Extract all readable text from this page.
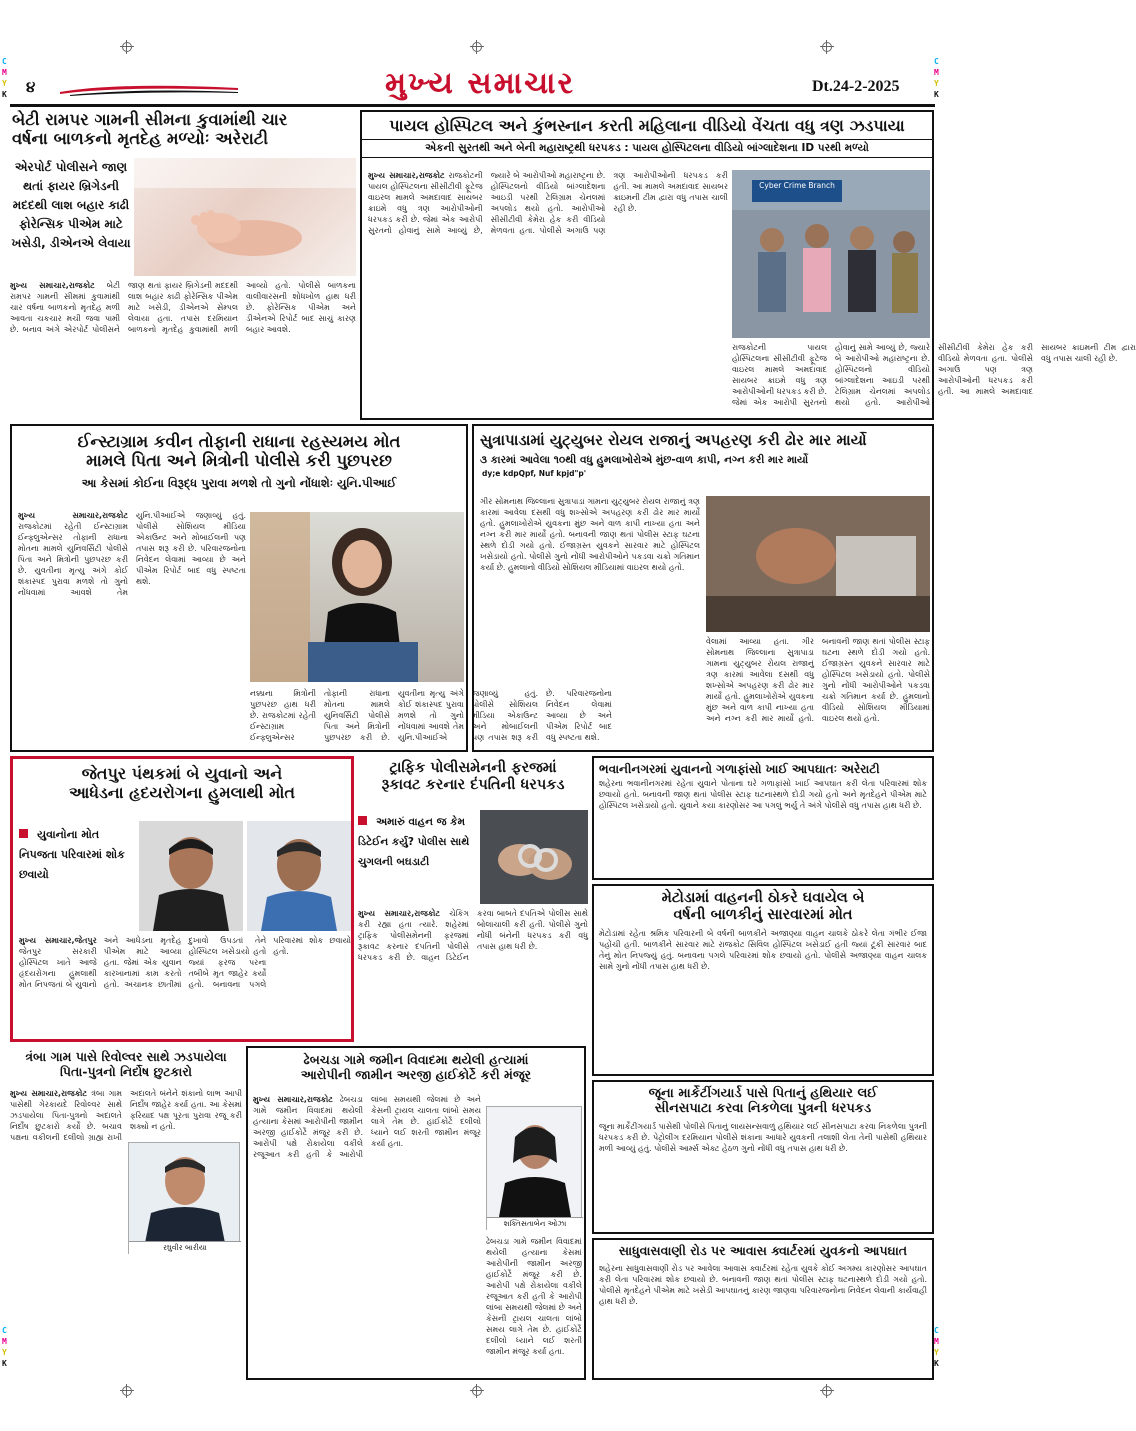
C
M
Y
K
C
M
Y
K
C
M
Y
K
C
M
Y
K
૪	મુખ્ય સમાચાર	Dt.24-2-2025
બેટી રામપર ગામની સીમના કુવામાંથી ચાર
વર્ષના બાળકનો મૃતદેહ મળ્યોઃ અરેરાટી
એરપોર્ટ પોલીસને જાણ થતાં ફાયર બ્રિગેડની મદદથી લાશ બહાર કાઢી ફોરેન્સિક પીએમ માટે ખસેડી, ડીએનએ લેવાયા
મુખ્ય સમાચાર,રાજકોટ બેટી રામપર ગામની સીમમાં કુવામાંથી ચાર વર્ષના બાળકનો મૃતદેહ મળી આવતા ચકચાર મચી જવા પામી છે. બનાવ અંગે એરપોર્ટ પોલીસને જાણ થતાં ફાયર બ્રિગેડની મદદથી લાશ બહાર કાઢી ફોરેન્સિક પીએમ માટે ખસેડી, ડીએનએ સેમ્પલ લેવાયા હતા. તપાસ દરમિયાન બાળકનો મૃતદેહ કુવામાંથી મળી આવ્યો હતો. પોલીસે બાળકના વાલીવારસની શોધખોળ હાથ ધરી છે. ફોરેન્સિક પીએમ અને ડીએનએ રિપોર્ટ બાદ સાચું કારણ બહાર આવશે.
પાયલ હોસ્પિટલ અને કુંભસ્નાન કરતી મહિલાના વીડિયો વેંચતા વધુ ત્રણ ઝડપાયા
એકની સુરતથી અને બેની મહારાષ્ટ્રથી ધરપકડ : પાયલ હોસ્પિટલના વીડિયો બાંગ્લાદેશના ID પરથી મળ્યો
મુખ્ય સમાચાર,રાજકોટ રાજકોટની પાયલ હોસ્પિટલના સીસીટીવી ફૂટેજ વાઇરલ મામલે અમદાવાદ સાયબર ક્રાઇમે વધુ ત્રણ આરોપીઓની ધરપકડ કરી છે. જેમાં એક આરોપી સુરતનો હોવાનું સામે આવ્યું છે, જ્યારે બે આરોપીઓ મહારાષ્ટ્રના છે. હોસ્પિટલનો વીડિયો બાંગ્લાદેશના આઇડી પરથી ટેલિગ્રામ ચેનલમાં અપલોડ થયો હતો. આરોપીઓ સીસીટીવી કેમેરા હેક કરી વીડિયો મેળવતા હતા. પોલીસે અગાઉ પણ ત્રણ આરોપીઓની ધરપકડ કરી હતી. આ મામલે અમદાવાદ સાયબર ક્રાઇમની ટીમ દ્વારા વધુ તપાસ ચાલી રહી છે.
Cyber Crime Branch
રાજકોટની પાયલ હોસ્પિટલના સીસીટીવી ફૂટેજ વાઇરલ મામલે અમદાવાદ સાયબર ક્રાઇમે વધુ ત્રણ આરોપીઓની ધરપકડ કરી છે. જેમાં એક આરોપી સુરતનો હોવાનું સામે આવ્યું છે, જ્યારે બે આરોપીઓ મહારાષ્ટ્રના છે. હોસ્પિટલનો વીડિયો બાંગ્લાદેશના આઇડી પરથી ટેલિગ્રામ ચેનલમાં અપલોડ થયો હતો. આરોપીઓ સીસીટીવી કેમેરા હેક કરી વીડિયો મેળવતા હતા. પોલીસે અગાઉ પણ ત્રણ આરોપીઓની ધરપકડ કરી હતી. આ મામલે અમદાવાદ સાયબર ક્રાઇમની ટીમ દ્વારા વધુ તપાસ ચાલી રહી છે.
ઈન્સ્ટાગ્રામ કવીન તોફાની રાધાના રહસ્યમય મોત
મામલે પિતા અને મિત્રોની પોલીસે કરી પુછપરછ
આ કેસમાં કોઈના વિરૂદ્ધ પુરાવા મળશે તો ગુનો નોંધાશેઃ યુનિ.પીઆઈ
મુખ્ય સમાચાર,રાજકોટ રાજકોટમાં રહેતી ઈન્સ્ટાગ્રામ ઈન્ફ્લુએન્સર તોફાની રાધાના મોતના મામલે યુનિવર્સિટી પોલીસે પિતા અને મિત્રોની પુછપરછ કરી છે. યુવતીના મૃત્યુ અંગે કોઈ શંકાસ્પદ પુરાવા મળશે તો ગુનો નોંધવામાં આવશે તેમ યુનિ.પીઆઈએ જણાવ્યું હતું. પોલીસે સોશિયલ મીડિયા એકાઉન્ટ અને મોબાઈલની પણ તપાસ શરૂ કરી છે. પરિવારજનોના નિવેદન લેવામાં આવ્યા છે અને પીએમ રિપોર્ટ બાદ વધુ સ્પષ્ટતા થશે.
નક્કાના મિત્રોની પુછપરછ હાથ ધરી છે. રાજકોટમાં રહેતી ઈન્સ્ટાગ્રામ ઈન્ફ્લુએન્સર તોફાની રાધાના મોતના મામલે યુનિવર્સિટી પોલીસે પિતા અને મિત્રોની પુછપરછ કરી છે. યુવતીના મૃત્યુ અંગે કોઈ શંકાસ્પદ પુરાવા મળશે તો ગુનો નોંધવામાં આવશે તેમ યુનિ.પીઆઈએ જણાવ્યું હતું. પોલીસે સોશિયલ મીડિયા એકાઉન્ટ અને મોબાઈલની પણ તપાસ શરૂ કરી છે. પરિવારજનોના નિવેદન લેવામાં આવ્યા છે અને પીએમ રિપોર્ટ બાદ વધુ સ્પષ્ટતા થશે.
સુત્રાપાડામાં યુટ્યુબર રોયલ રાજાનું અપહરણ કરી ઢોર માર માર્યો
૩ કારમાં આવેલા ૧૦થી વધુ હુમલાખોરોએ મુંછ-વાળ કાપી, નગ્ન કરી માર માર્યો
dy;e kdpQpf, Nuf kpjd"p'
ગીર સોમનાથ જિલ્લાના સુત્રાપાડા ગામના યુટ્યુબર રોયલ રાજાનું ત્રણ કારમાં આવેલા દસથી વધુ શખ્સોએ અપહરણ કરી ઢોર માર માર્યો હતો. હુમલાખોરોએ યુવકના મુંછ અને વાળ કાપી નાખ્યા હતા અને નગ્ન કરી માર માર્યો હતો. બનાવની જાણ થતાં પોલીસ સ્ટાફ ઘટના સ્થળે દોડી ગયો હતો. ઈજાગ્રસ્ત યુવકને સારવાર માટે હોસ્પિટલ ખસેડાયો હતો. પોલીસે ગુનો નોંધી આરોપીઓને પકડવા ચક્રો ગતિમાન કર્યા છે. હુમલાનો વીડિયો સોશિયલ મીડિયામાં વાઇરલ થયો હતો.
વેલામાં આવ્યા હતા. ગીર સોમનાથ જિલ્લાના સુત્રાપાડા ગામના યુટ્યુબર રોયલ રાજાનું ત્રણ કારમાં આવેલા દસથી વધુ શખ્સોએ અપહરણ કરી ઢોર માર માર્યો હતો. હુમલાખોરોએ યુવકના મુંછ અને વાળ કાપી નાખ્યા હતા અને નગ્ન કરી માર માર્યો હતો. બનાવની જાણ થતાં પોલીસ સ્ટાફ ઘટના સ્થળે દોડી ગયો હતો. ઈજાગ્રસ્ત યુવકને સારવાર માટે હોસ્પિટલ ખસેડાયો હતો. પોલીસે ગુનો નોંધી આરોપીઓને પકડવા ચક્રો ગતિમાન કર્યા છે. હુમલાનો વીડિયો સોશિયલ મીડિયામાં વાઇરલ થયો હતો.
જેતપુર પંથકમાં બે યુવાનો અને
આધેડના હૃદયરોગના હુમલાથી મોત
યુવાનોના મોત નિપજતા પરિવારમાં શોક છવાયો
મુખ્ય સમાચાર,જેતપુર જેતપુર સરકારી હોસ્પિટલ ખાતે આજે હૃદયરોગના હુમલાથી મોત નિપજતાં બે યુવાનો અને આધેડના મૃતદેહ પીએમ માટે આવ્યા હતા. જેમાં એક યુવાન કારખાનામાં કામ કરતો હતો. અચાનક છાતીમાં દુખાવો ઉપડતાં તેને હોસ્પિટલ ખસેડાયો હતો જ્યાં ફરજ પરના તબીબે મૃત જાહેર કર્યો હતો. બનાવના પગલે પરિવારમાં શોક છવાયો હતો.
ટ્રાફિક પોલીસમેનની ફરજમાં
રૂકાવટ કરનાર દંપતિની ધરપકડ
અમારું વાહન જ કેમ ડિટેઈન કર્યુ? પોલીસ સાથે ચુગલની બઘડાટી
મુખ્ય સમાચાર,રાજકોટ ચેકિંગ કરી રહ્યા હતા ત્યારે. શહેરમાં ટ્રાફિક પોલીસમેનની ફરજમાં રૂકાવટ કરનાર દંપતિની પોલીસે ધરપકડ કરી છે. વાહન ડિટેઈન કરવા બાબતે દંપતિએ પોલીસ સાથે બોલાચાલી કરી હતી. પોલીસે ગુનો નોંધી બંનેની ધરપકડ કરી વધુ તપાસ હાથ ધરી છે.
ભવાનીનગરમાં યુવાનનો ગળાફાંસો ખાઈ આપઘાતઃ અરેરાટી
શહેરના ભવાનીનગરમાં રહેતા યુવાને પોતાના ઘરે ગળાફાંસો ખાઈ આપઘાત કરી લેતા પરિવારમાં શોક છવાયો હતો. બનાવની જાણ થતાં પોલીસ સ્ટાફ ઘટનાસ્થળે દોડી ગયો હતો અને મૃતદેહને પીએમ માટે હોસ્પિટલ ખસેડાયો હતો. યુવાને કયા કારણોસર આ પગલું ભર્યુ તે અંગે પોલીસે વધુ તપાસ હાથ ધરી છે.
મેટોડામાં વાહનની ઠોકરે ઘવાયેલ બે
વર્ષની બાળકીનું સારવારમાં મોત
મેટોડામાં રહેતા શ્રમિક પરિવારની બે વર્ષની બાળકીને અજાણ્યા વાહન ચાલકે ઠોકરે લેતા ગંભીર ઈજા પહોંચી હતી. બાળકીને સારવાર માટે રાજકોટ સિવિલ હોસ્પિટલ ખસેડાઈ હતી જ્યાં ટૂંકી સારવાર બાદ તેનું મોત નિપજ્યું હતું. બનાવના પગલે પરિવારમાં શોક છવાયો હતો. પોલીસે અજાણ્યા વાહન ચાલક સામે ગુનો નોંધી તપાસ હાથ ધરી છે.
ત્રંબા ગામ પાસે રિવોલ્વર સાથે ઝડપાયેલા
પિતા-પુત્રનો નિર્દોષ છુટકારો
મુખ્ય સમાચાર,રાજકોટ ત્રંબા ગામ પાસેથી ગેરકાયદે રિવોલ્વર સાથે ઝડપાયેલા પિતા-પુત્રનો અદાલતે નિર્દોષ છુટકારો કર્યો છે. બચાવ પક્ષના વકીલની દલીલો ગ્રાહ્ય રાખી અદાલતે બંનેને શંકાનો લાભ આપી નિર્દોષ જાહેર કર્યા હતા. આ કેસમાં ફરિયાદ પક્ષ પૂરતા પુરાવા રજૂ કરી શક્યો ન હતો.
રઘુવીર બારીયા
ઢેબચડા ગામે જમીન વિવાદમા થયેલી હત્યામાં
આરોપીની જામીન અરજી હાઈકોર્ટે કરી મંજૂર
મુખ્ય સમાચાર,રાજકોટ ઢેબચડા ગામે જમીન વિવાદમાં થયેલી હત્યાના કેસમાં આરોપીની જામીન અરજી હાઈકોર્ટે મંજૂર કરી છે. આરોપી પક્ષે રોકાયેલા વકીલે રજૂઆત કરી હતી કે આરોપી લાંબા સમયથી જેલમાં છે અને કેસની ટ્રાયલ ચાલતા લાંબો સમય લાગે તેમ છે. હાઈકોર્ટે દલીલો ધ્યાને લઈ શરતી જામીન મંજૂર કર્યા હતા.
શક્તિસતાબેન ઓઝા
ઢેબચડા ગામે જમીન વિવાદમાં થયેલી હત્યાના કેસમાં આરોપીની જામીન અરજી હાઈકોર્ટે મંજૂર કરી છે. આરોપી પક્ષે રોકાયેલા વકીલે રજૂઆત કરી હતી કે આરોપી લાંબા સમયથી જેલમાં છે અને કેસની ટ્રાયલ ચાલતા લાંબો સમય લાગે તેમ છે. હાઈકોર્ટે દલીલો ધ્યાને લઈ શરતી જામીન મંજૂર કર્યા હતા.
જૂના માર્કેટીંગયાર્ડ પાસે પિતાનું હથિયાર લઈ
સીનસપાટા કરવા નિકળેલા પુત્રની ધરપકડ
જૂના માર્કેટીંગયાર્ડ પાસેથી પોલીસે પિતાનું લાયસન્સવાળું હથિયાર લઈ સીનસપાટા કરવા નિકળેલા પુત્રની ધરપકડ કરી છે. પેટ્રોલીંગ દરમિયાન પોલીસે શંકાના આધારે યુવકની તલાશી લેતા તેની પાસેથી હથિયાર મળી આવ્યું હતું. પોલીસે આર્મ્સ એક્ટ હેઠળ ગુનો નોંધી વધુ તપાસ હાથ ધરી છે.
સાધુવાસવાણી રોડ પર આવાસ ક્વાર્ટરમાં યુવકનો આપઘાત
શહેરના સાધુવાસવાણી રોડ પર આવેલા આવાસ ક્વાર્ટરમાં રહેતા યુવકે કોઈ અગમ્ય કારણોસર આપઘાત કરી લેતા પરિવારમાં શોક છવાયો છે. બનાવની જાણ થતાં પોલીસ સ્ટાફ ઘટનાસ્થળે દોડી ગયો હતો. પોલીસે મૃતદેહને પીએમ માટે ખસેડી આપઘાતનું કારણ જાણવા પરિવારજનોના નિવેદન લેવાની કાર્યવાહી હાથ ધરી છે.
